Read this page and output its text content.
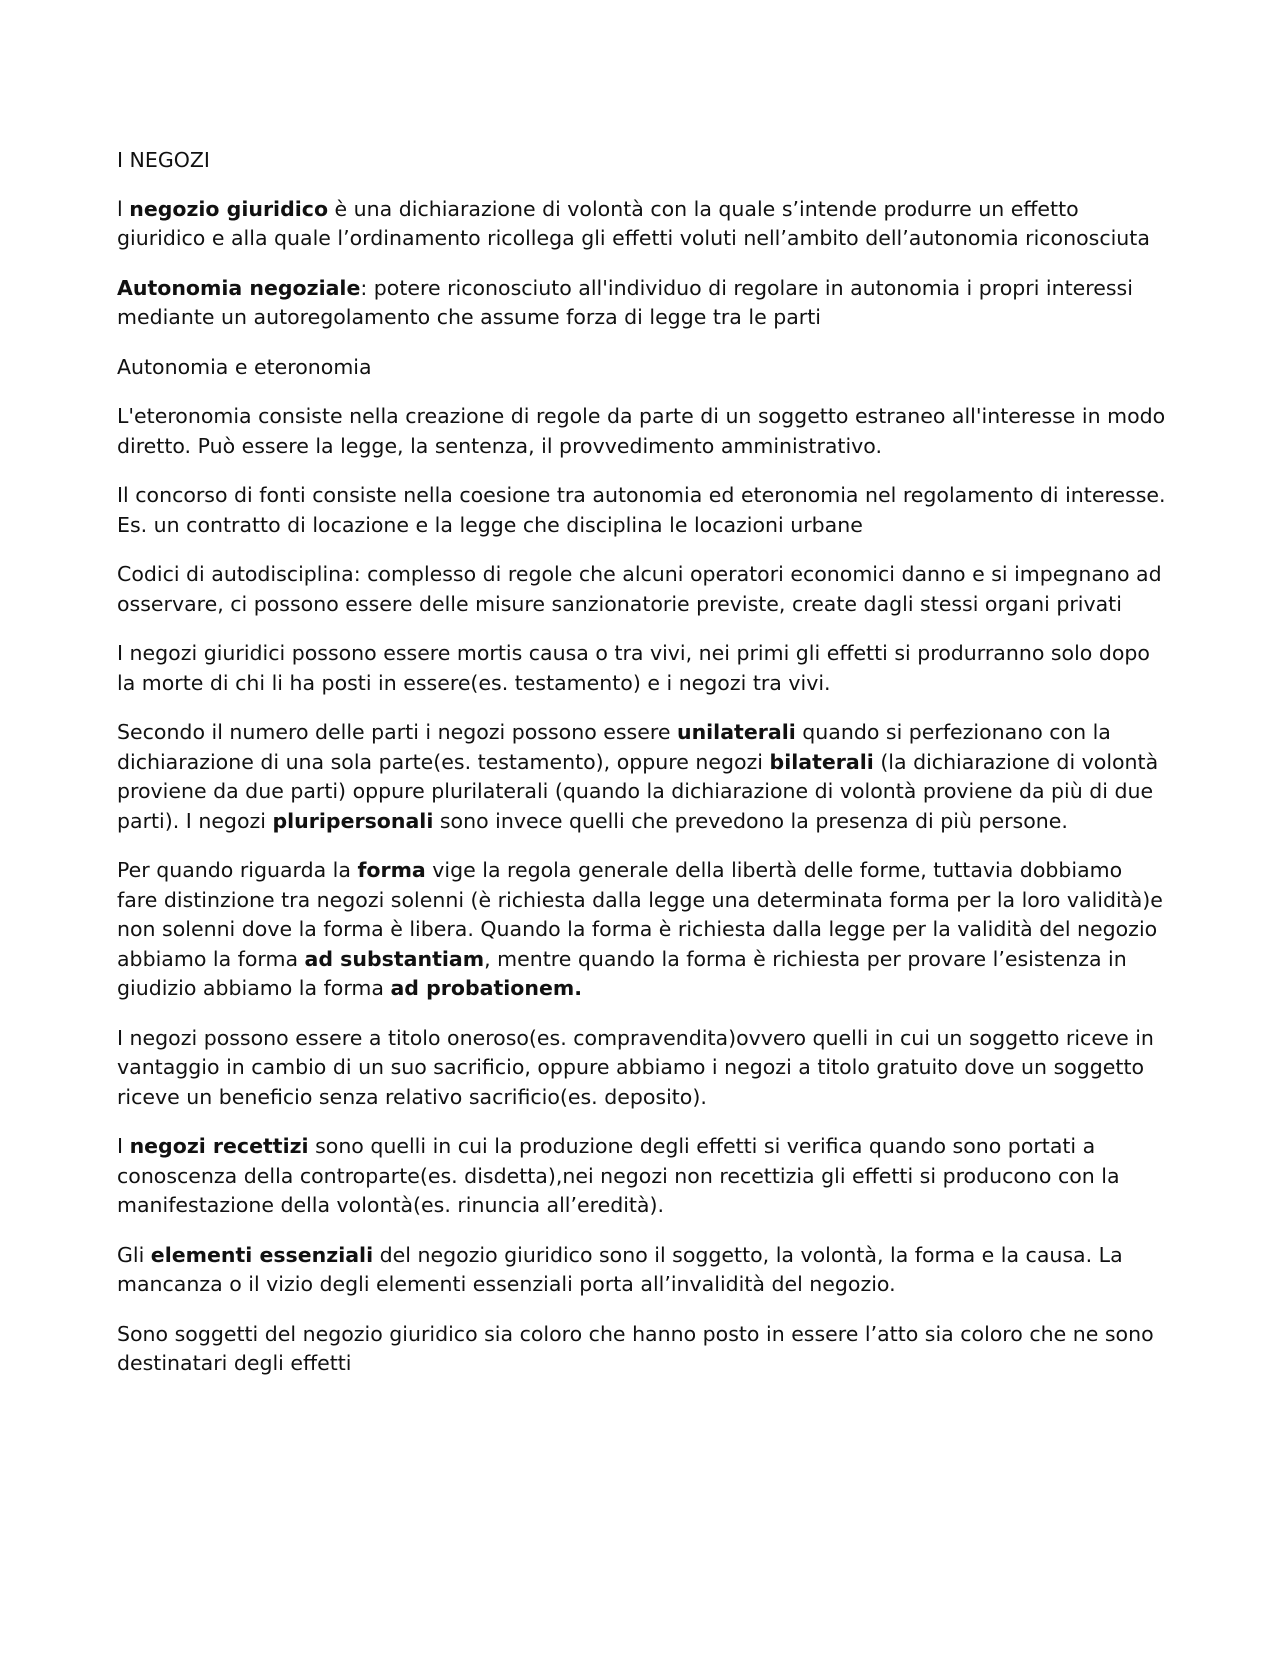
I NEGOZI

l negozio giuridico è una dichiarazione di volontà con la quale s’intende produrre un effetto giuridico e alla quale l’ordinamento ricollega gli effetti voluti nell’ambito dell’autonomia riconosciuta

Autonomia negoziale: potere riconosciuto all'individuo di regolare in autonomia i propri interessi mediante un autoregolamento che assume forza di legge tra le parti

Autonomia e eteronomia

L'eteronomia consiste nella creazione di regole da parte di un soggetto estraneo all'interesse in modo diretto. Può essere la legge, la sentenza, il provvedimento amministrativo.

Il concorso di fonti consiste nella coesione tra autonomia ed eteronomia nel regolamento di interesse. Es. un contratto di locazione e la legge che disciplina le locazioni urbane

Codici di autodisciplina: complesso di regole che alcuni operatori economici danno e si impegnano ad osservare, ci possono essere delle misure sanzionatorie previste, create dagli stessi organi privati

I negozi giuridici possono essere mortis causa o tra vivi, nei primi gli effetti si produrranno solo dopo la morte di chi li ha posti in essere(es. testamento) e i negozi tra vivi.

Secondo il numero delle parti i negozi possono essere unilaterali quando si perfezionano con la dichiarazione di una sola parte(es. testamento), oppure negozi bilaterali (la dichiarazione di volontà proviene da due parti) oppure plurilaterali (quando la dichiarazione di volontà proviene da più di due parti). I negozi pluripersonali sono invece quelli che prevedono la presenza di più persone.

Per quando riguarda la forma vige la regola generale della libertà delle forme, tuttavia dobbiamo fare distinzione tra negozi solenni (è richiesta dalla legge una determinata forma per la loro validità)e non solenni dove la forma è libera. Quando la forma è richiesta dalla legge per la validità del negozio abbiamo la forma ad substantiam, mentre quando la forma è richiesta per provare l’esistenza in giudizio abbiamo la forma ad probationem.

I negozi possono essere a titolo oneroso(es. compravendita)ovvero quelli in cui un soggetto riceve in vantaggio in cambio di un suo sacrificio, oppure abbiamo i negozi a titolo gratuito dove un soggetto riceve un beneficio senza relativo sacrificio(es. deposito).

I negozi recettizi sono quelli in cui la produzione degli effetti si verifica quando sono portati a conoscenza della controparte(es. disdetta),nei negozi non recettizia gli effetti si producono con la manifestazione della volontà(es. rinuncia all’eredità).

Gli elementi essenziali del negozio giuridico sono il soggetto, la volontà, la forma e la causa. La mancanza o il vizio degli elementi essenziali porta all’invalidità del negozio.

Sono soggetti del negozio giuridico sia coloro che hanno posto in essere l’atto sia coloro che ne sono destinatari degli effetti
